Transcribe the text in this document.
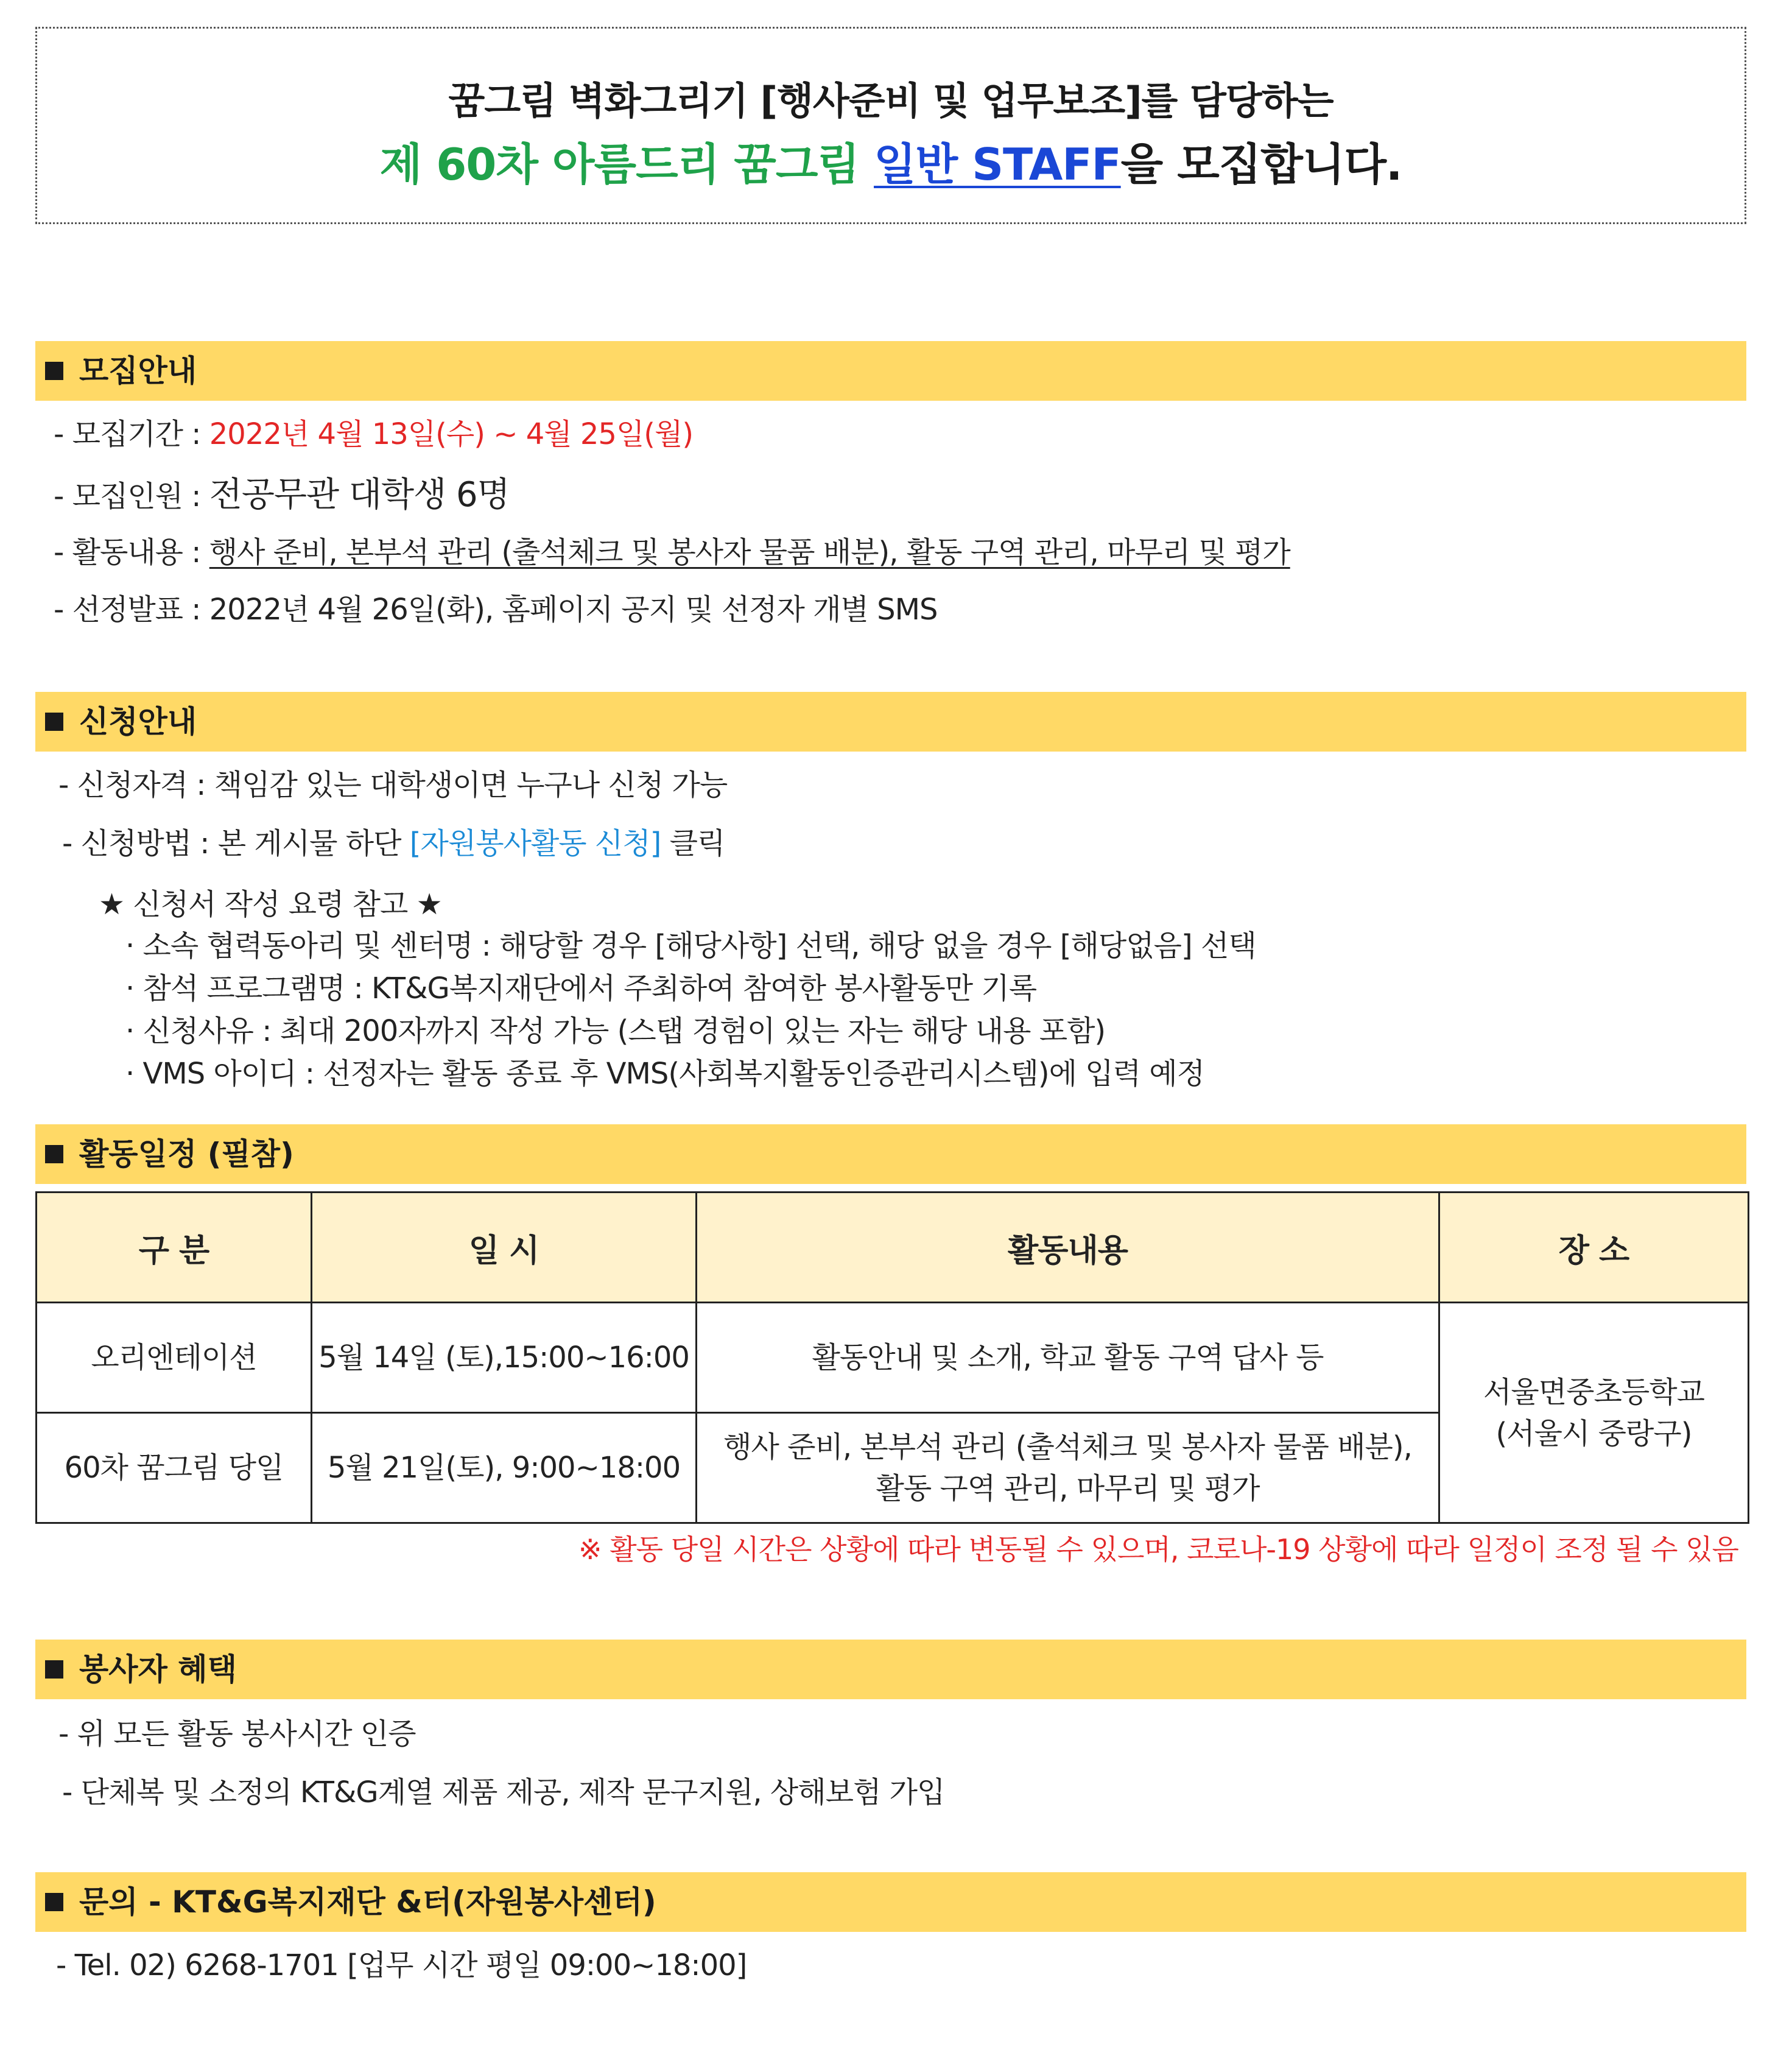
꿈그림 벽화그리기 [행사준비 및 업무보조]를 담당하는
제 60차 아름드리 꿈그림 일반 STAFF을 모집합니다.
모집안내
- 모집기간 : 2022년 4월 13일(수) ~ 4월 25일(월)
- 모집인원 : 전공무관 대학생 6명
- 활동내용 : 행사 준비, 본부석 관리 (출석체크 및 봉사자 물품 배분), 활동 구역 관리, 마무리 및 평가
- 선정발표 : 2022년 4월 26일(화), 홈페이지 공지 및 선정자 개별 SMS
신청안내
- 신청자격 : 책임감 있는 대학생이면 누구나 신청 가능
- 신청방법 : 본 게시물 하단 [자원봉사활동 신청] 클릭
★ 신청서 작성 요령 참고 ★
· 소속 협력동아리 및 센터명 : 해당할 경우 [해당사항] 선택, 해당 없을 경우 [해당없음] 선택
· 참석 프로그램명 : KT&G복지재단에서 주최하여 참여한 봉사활동만 기록
· 신청사유 : 최대 200자까지 작성 가능 (스탭 경험이 있는 자는 해당 내용 포함)
· VMS 아이디 : 선정자는 활동 종료 후 VMS(사회복지활동인증관리시스템)에 입력 예정
활동일정 (필참)
구 분	일 시	활동내용	장 소
오리엔테이션	5월 14일 (토),15:00~16:00	활동안내 및 소개, 학교 활동 구역 답사 등	서울면중초등학교
(서울시 중랑구)

60차 꿈그림 당일	5월 21일(토), 9:00~18:00	행사 준비, 본부석 관리 (출석체크 및 봉사자 물품 배분),
활동 구역 관리, 마무리 및 평가	
※ 활동 당일 시간은 상황에 따라 변동될 수 있으며, 코로나-19 상황에 따라 일정이 조정 될 수 있음
봉사자 혜택
- 위 모든 활동 봉사시간 인증
- 단체복 및 소정의 KT&G계열 제품 제공, 제작 문구지원, 상해보험 가입
문의 - KT&G복지재단 &터(자원봉사센터)
- Tel. 02) 6268-1701 [업무 시간 평일 09:00~18:00]
